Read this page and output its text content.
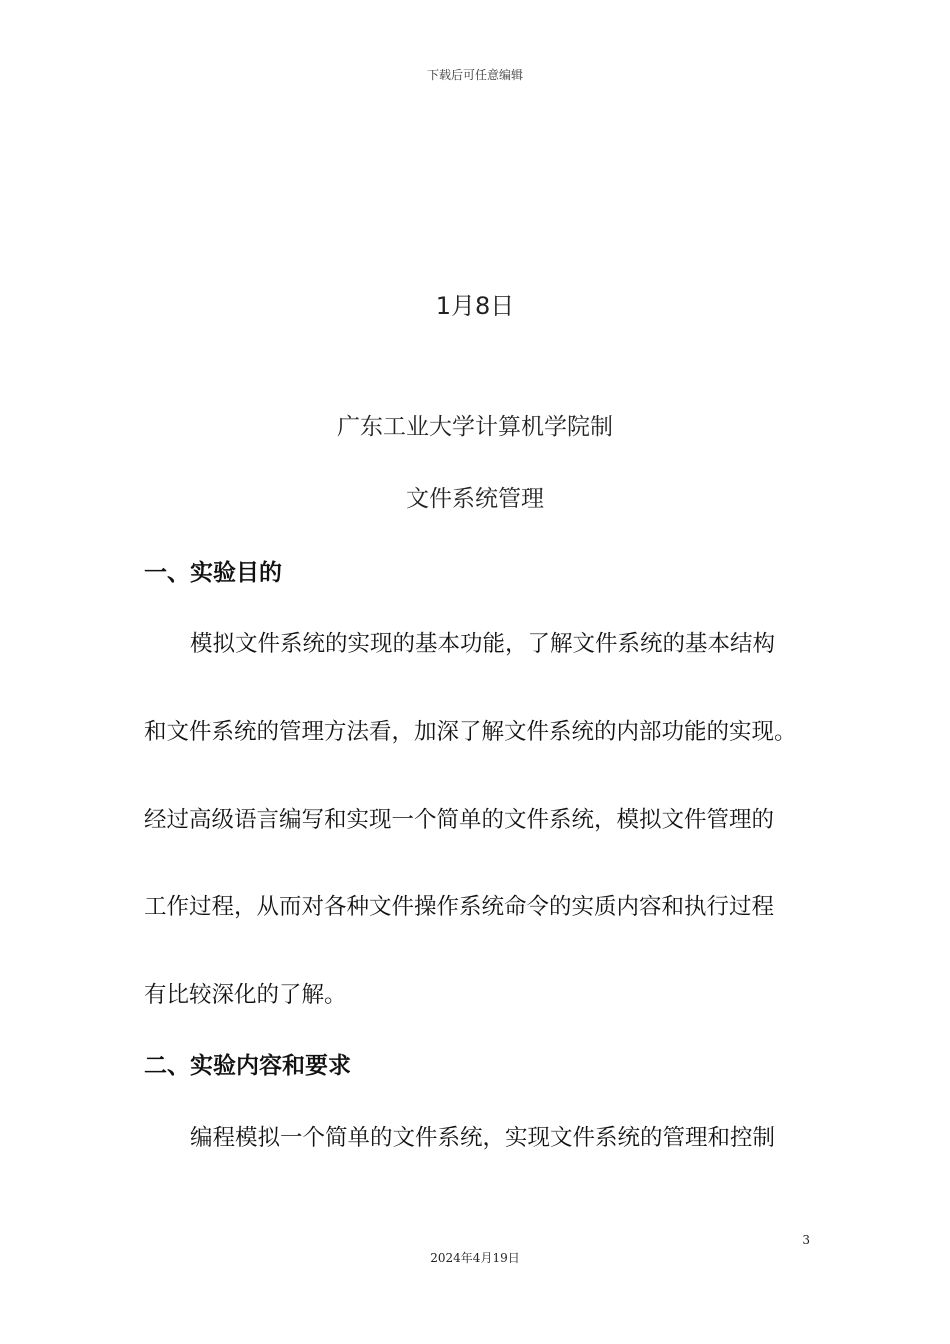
下载后可任意编辑
1月8日
广东工业大学计算机学院制
文件系统管理
一、实验目的
模拟文件系统的实现的基本功能，了解文件系统的基本结构
和文件系统的管理方法看，加深了解文件系统的内部功能的实现。
经过高级语言编写和实现一个简单的文件系统，模拟文件管理的
工作过程，从而对各种文件操作系统命令的实质内容和执行过程
有比较深化的了解。
二、实验内容和要求
编程模拟一个简单的文件系统，实现文件系统的管理和控制
3
2024年4月19日
